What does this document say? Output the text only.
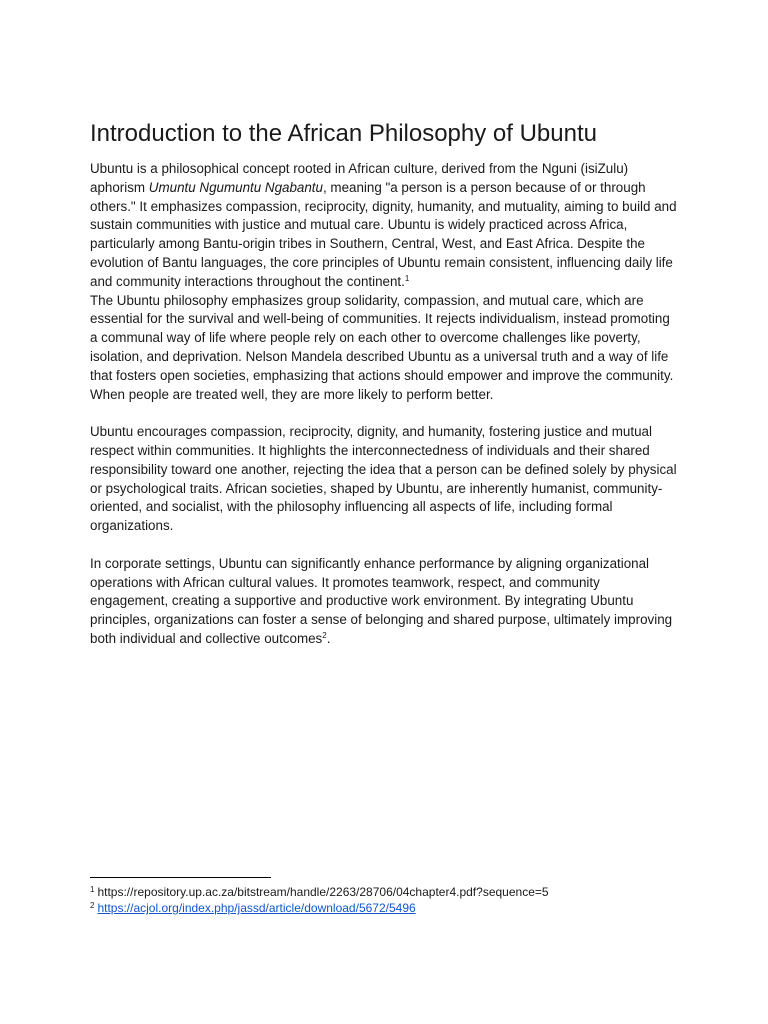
Introduction to the African Philosophy of Ubuntu

Ubuntu is a philosophical concept rooted in African culture, derived from the Nguni (isiZulu) aphorism Umuntu Ngumuntu Ngabantu, meaning "a person is a person because of or through others." It emphasizes compassion, reciprocity, dignity, humanity, and mutuality, aiming to build and sustain communities with justice and mutual care. Ubuntu is widely practiced across Africa, particularly among Bantu-origin tribes in Southern, Central, West, and East Africa. Despite the evolution of Bantu languages, the core principles of Ubuntu remain consistent, influencing daily life and community interactions throughout the continent.$^1$

The Ubuntu philosophy emphasizes group solidarity, compassion, and mutual care, which are essential for the survival and well-being of communities. It rejects individualism, instead promoting a communal way of life where people rely on each other to overcome challenges like poverty, isolation, and deprivation. Nelson Mandela described Ubuntu as a universal truth and a way of life that fosters open societies, emphasizing that actions should empower and improve the community. When people are treated well, they are more likely to perform better.

Ubuntu encourages compassion, reciprocity, dignity, and humanity, fostering justice and mutual respect within communities. It highlights the interconnectedness of individuals and their shared responsibility toward one another, rejecting the idea that a person can be defined solely by physical or psychological traits. African societies, shaped by Ubuntu, are inherently humanist, community-oriented, and socialist, with the philosophy influencing all aspects of life, including formal organizations.

In corporate settings, Ubuntu can significantly enhance performance by aligning organizational operations with African cultural values. It promotes teamwork, respect, and community engagement, creating a supportive and productive work environment. By integrating Ubuntu principles, organizations can foster a sense of belonging and shared purpose, ultimately improving both individual and collective outcomes$^2$.

$^1$ https://repository.up.ac.za/bitstream/handle/2263/28706/04chapter4.pdf?sequence=5
$^2$ https://acjol.org/index.php/jassd/article/download/5672/5496
